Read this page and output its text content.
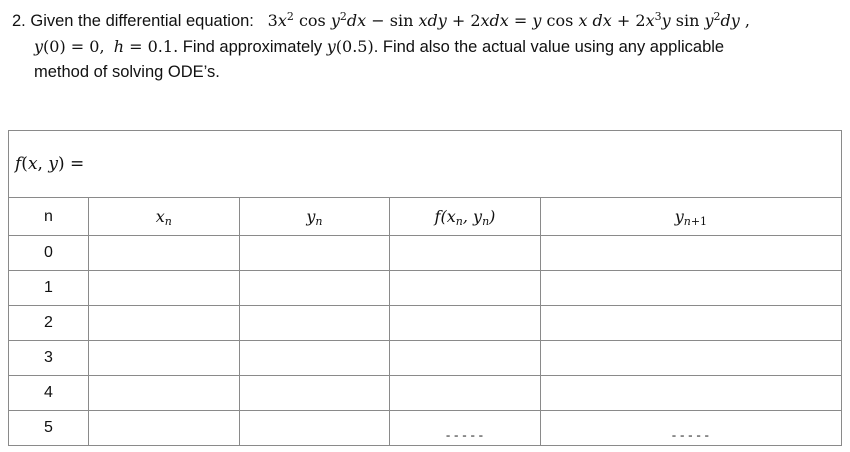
2. Given the differential equation: $3x^2$ $\cos y^2dx - \sin$ xdy + 2xdx = y cos x dx + $2x^3y$ $\sin y^2dy$ ,
y(0) = 0, h = 0.1. Find approximately y(0.5). Find also the actual value using any applicable
method of solving ODE’s.
f(x, y) =				
n	$x_n$	$y_n$	$f(x_n$, $y_n$)	$y_{n+1}$
0				
1				
2				
3				
4				
5			$_{-----}$	$_{-----}$
